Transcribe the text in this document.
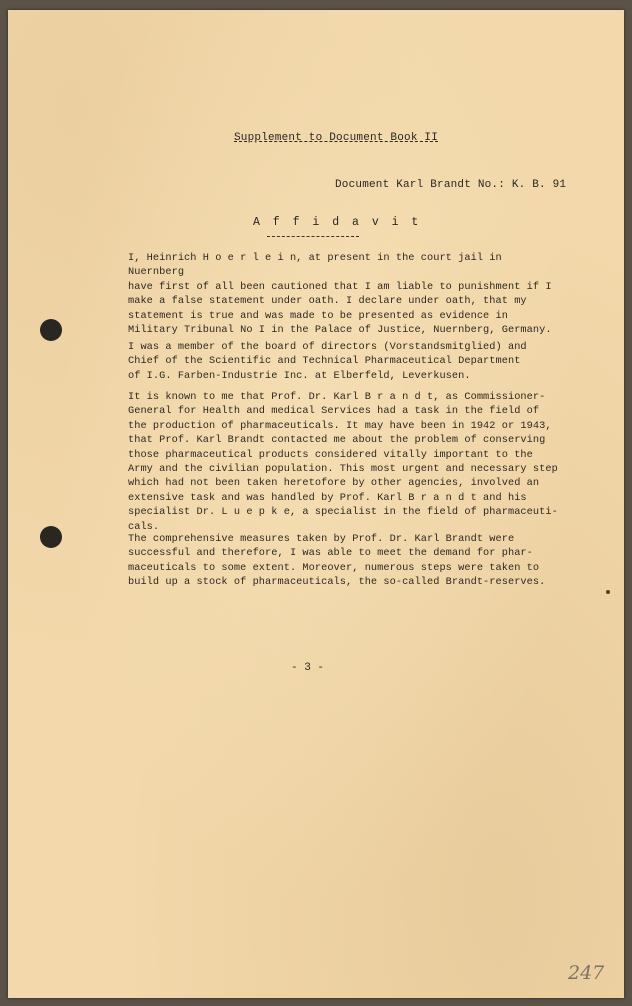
Supplement to Document Book II
Document Karl Brandt No.: K. B. 91
A f f i d a v i t
I, Heinrich H o e r l e i n, at present in the court jail in Nuernberg
have first of all been cautioned that I am liable to punishment if I
make a false statement under oath. I declare under oath, that my
statement is true and was made to be presented as evidence in
Military Tribunal No I in the Palace of Justice, Nuernberg, Germany.
I was a member of the board of directors (Vorstandsmitglied) and
Chief of the Scientific and Technical Pharmaceutical Department
of I.G. Farben-Industrie Inc. at Elberfeld, Leverkusen.
It is known to me that Prof. Dr. Karl B r a n d t, as Commissioner-
General for Health and medical Services had a task in the field of
the production of pharmaceuticals. It may have been in 1942 or 1943,
that Prof. Karl Brandt contacted me about the problem of conserving
those pharmaceutical products considered vitally important to the
Army and the civilian population. This most urgent and necessary step
which had not been taken heretofore by other agencies, involved an
extensive task and was handled by Prof. Karl B r a n d t and his
specialist Dr. L u e p k e, a specialist in the field of pharmaceuti-
cals.
The comprehensive measures taken by Prof. Dr. Karl Brandt were
successful and therefore, I was able to meet the demand for phar-
maceuticals to some extent. Moreover, numerous steps were taken to
build up a stock of pharmaceuticals, the so-called Brandt-reserves.
- 3 -
247
